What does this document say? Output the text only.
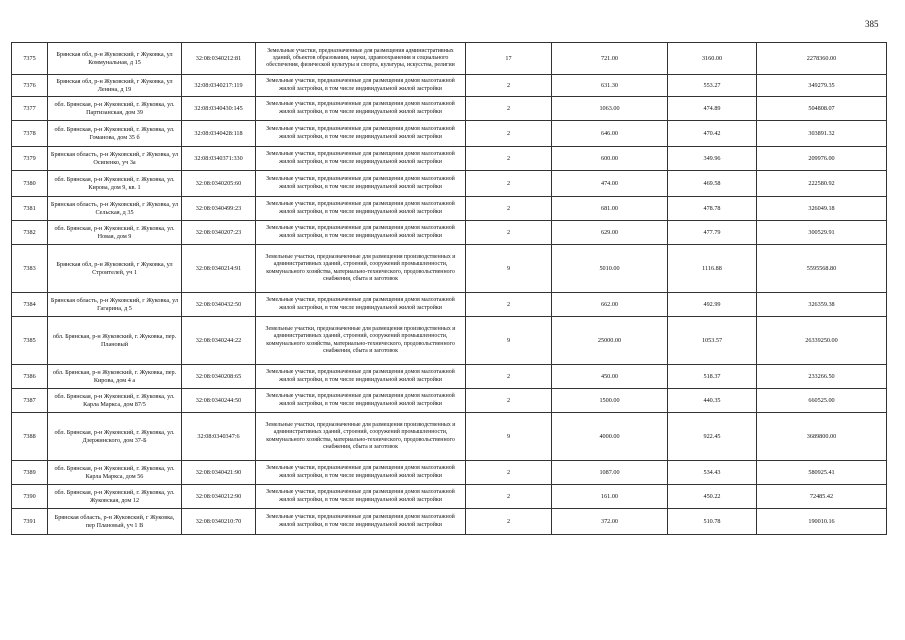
385
7375	Брянская обл, р-н Жуковский, г Жуковка, ул Коммунальная, д 15	32:08:0340212:81	Земельные участки, предназначенные для размещения административных зданий, объектов образования, науки, здравоохранения и социального обеспечения, физической культуры и спорта, культуры, искусства, религии	17	721.00	3160.00	2278360.00
7376	Брянская обл, р-н Жуковский, г Жуковка, ул Ленина, д 19	32:08:0340217:119	Земельные участки, предназначенные для размещения домов малоэтажной жилой застройки, в том числе индивидуальной жилой застройки	2	631.30	553.27	349279.35
7377	обл. Брянская, р-н Жуковский, г. Жуковка, ул. Партизанская, дом 39	32:08:0340430:145	Земельные участки, предназначенные для размещения домов малоэтажной жилой застройки, в том числе индивидуальной жилой застройки	2	1063.00	474.89	504808.07
7378	обл. Брянская, р-н Жуковский, г. Жуковка, ул. Гоманова, дом 35 б	32:08:0340428:118	Земельные участки, предназначенные для размещения домов малоэтажной жилой застройки, в том числе индивидуальной жилой застройки	2	646.00	470.42	303891.32
7379	Брянская область, р-н Жуковский, г Жуковка, ул Осипенко, уч 3а	32:08:0340371:330	Земельные участки, предназначенные для размещения домов малоэтажной жилой застройки, в том числе индивидуальной жилой застройки	2	600.00	349.96	209976.00
7380	обл. Брянская, р-н Жуковский, г. Жуковка, ул. Кирова, дом 9, кв. 1	32:08:0340205:60	Земельные участки, предназначенные для размещения домов малоэтажной жилой застройки, в том числе индивидуальной жилой застройки	2	474.00	469.58	222580.92
7381	Брянская область, р-н Жуковский, г Жуковка, ул Сельская, д 35	32:08:0340499:23	Земельные участки, предназначенные для размещения домов малоэтажной жилой застройки, в том числе индивидуальной жилой застройки	2	681.00	478.78	326049.18
7382	обл. Брянская, р-н Жуковский, г. Жуковка, ул. Новая, дом 9	32:08:0340207:23	Земельные участки, предназначенные для размещения домов малоэтажной жилой застройки, в том числе индивидуальной жилой застройки	2	629.00	477.79	300529.91
7383	Брянская обл, р-н Жуковский, г Жуковка, ул Строителей, уч 1	32:08:0340214:91	Земельные участки, предназначенные для размещения производственных и административных зданий, строений, сооружений промышленности, коммунального хозяйства, материально-технического, продовольственного снабжения, сбыта и заготовок	9	5010.00	1116.88	5595568.80
7384	Брянская область, р-н Жуковский, г Жуковка, ул Гагарина, д 5	32:08:0340432:50	Земельные участки, предназначенные для размещения домов малоэтажной жилой застройки, в том числе индивидуальной жилой застройки	2	662.00	492.99	326359.38
7385	обл. Брянская, р-н Жуковский, г. Жуковка, пер. Плановый	32:08:0340244:22	Земельные участки, предназначенные для размещения производственных и административных зданий, строений, сооружений промышленности, коммунального хозяйства, материально-технического, продовольственного снабжения, сбыта и заготовок	9	25000.00	1053.57	26339250.00
7386	обл. Брянская, р-н Жуковский, г. Жуковка, пер. Кирова, дом 4 а	32:08:0340208:65	Земельные участки, предназначенные для размещения домов малоэтажной жилой застройки, в том числе индивидуальной жилой застройки	2	450.00	518.37	233266.50
7387	обл. Брянская, р-н Жуковский, г. Жуковка, ул. Карла Маркса, дом 87/5	32:08:0340244:50	Земельные участки, предназначенные для размещения домов малоэтажной жилой застройки, в том числе индивидуальной жилой застройки	2	1500.00	440.35	660525.00
7388	обл. Брянская, р-н Жуковский, г. Жуковка, ул. Дзержинского, дом 37-Б	32:08:0340347:6	Земельные участки, предназначенные для размещения производственных и административных зданий, строений, сооружений промышленности, коммунального хозяйства, материально-технического, продовольственного снабжения, сбыта и заготовок	9	4000.00	922.45	3689800.00
7389	обл. Брянская, р-н Жуковский, г. Жуковка, ул. Карла Маркса, дом 56	32:08:0340421:90	Земельные участки, предназначенные для размещения домов малоэтажной жилой застройки, в том числе индивидуальной жилой застройки	2	1087.00	534.43	580925.41
7390	обл. Брянская, р-н Жуковский, г. Жуковка, ул. Жуковская, дом 12	32:08:0340212:90	Земельные участки, предназначенные для размещения домов малоэтажной жилой застройки, в том числе индивидуальной жилой застройки	2	161.00	450.22	72485.42
7391	Брянская область, р-н Жуковский, г Жуковка, пер Плановый, уч 1 В	32:08:0340210:70	Земельные участки, предназначенные для размещения домов малоэтажной жилой застройки, в том числе индивидуальной жилой застройки	2	372.00	510.78	190010.16
